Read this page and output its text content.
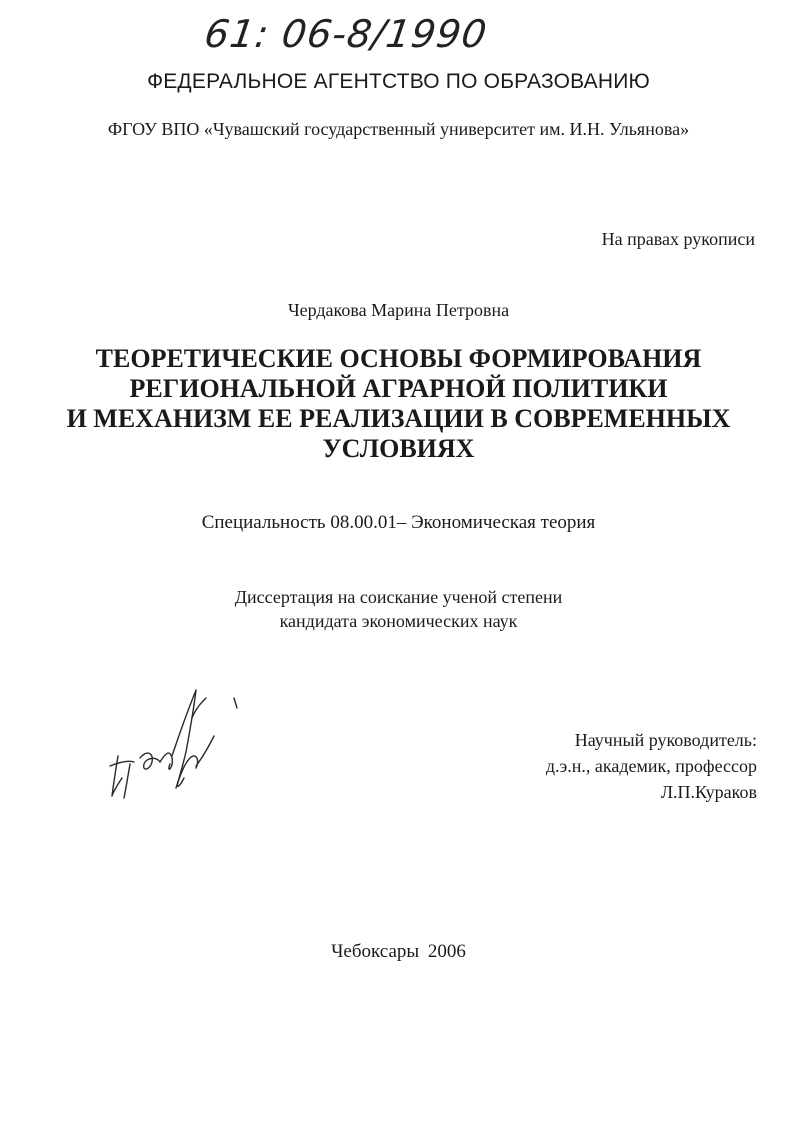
61: 06-8/1990
ФЕДЕРАЛЬНОЕ АГЕНТСТВО ПО ОБРАЗОВАНИЮ
ФГОУ ВПО «Чувашский государственный университет им. И.Н. Ульянова»
На правах рукописи
Чердакова Марина Петровна
ТЕОРЕТИЧЕСКИЕ ОСНОВЫ ФОРМИРОВАНИЯ
РЕГИОНАЛЬНОЙ АГРАРНОЙ ПОЛИТИКИ
И МЕХАНИЗМ ЕЕ РЕАЛИЗАЦИИ В СОВРЕМЕННЫХ
УСЛОВИЯХ
Специальность 08.00.01– Экономическая теория
Диссертация на соискание ученой степени
кандидата экономических наук
Научный руководитель:
д.э.н., академик, профессор
Л.П.Кураков
Чебоксары 2006
